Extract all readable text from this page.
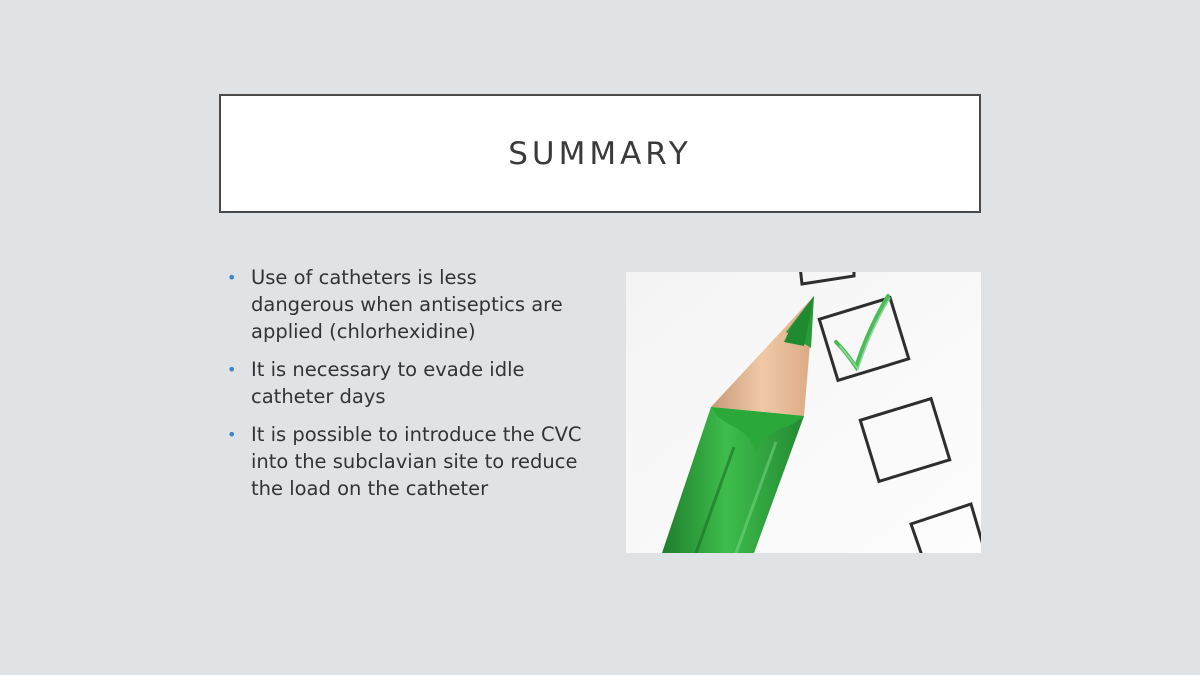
SUMMARY
• Use of catheters is less dangerous when antiseptics are applied (chlorhexidine)
• It is necessary to evade idle catheter days
• It is possible to introduce the CVC into the subclavian site to reduce the load on the catheter
